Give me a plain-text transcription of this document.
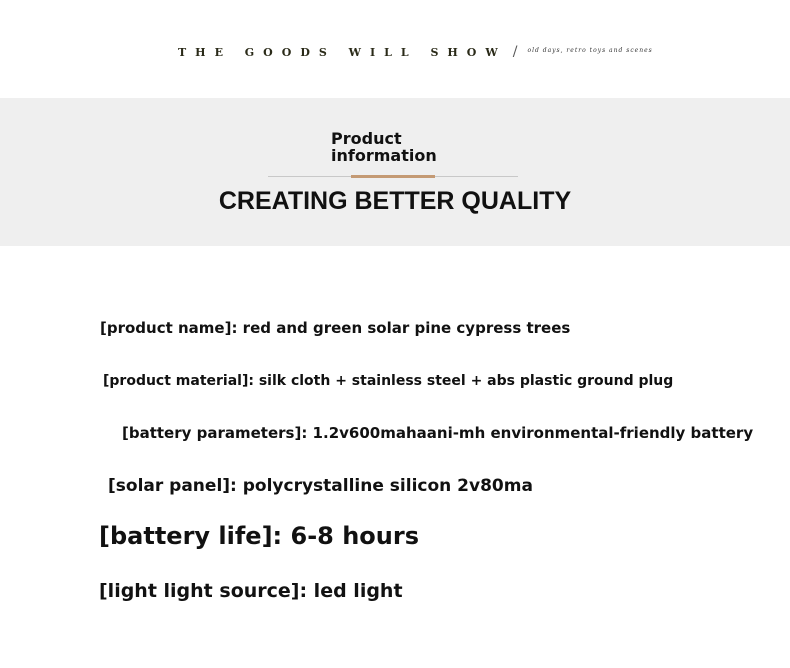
THE GOODS WILL SHOW / old days, retro toys and scenes
Product information
CREATING BETTER QUALITY

[product name]: red and green solar pine cypress trees

[product material]: silk cloth + stainless steel + abs plastic ground plug

[battery parameters]: 1.2v600mahaani-mh environmental-friendly battery

[solar panel]: polycrystalline silicon 2v80ma

[battery life]: 6-8 hours

[light light source]: led light
